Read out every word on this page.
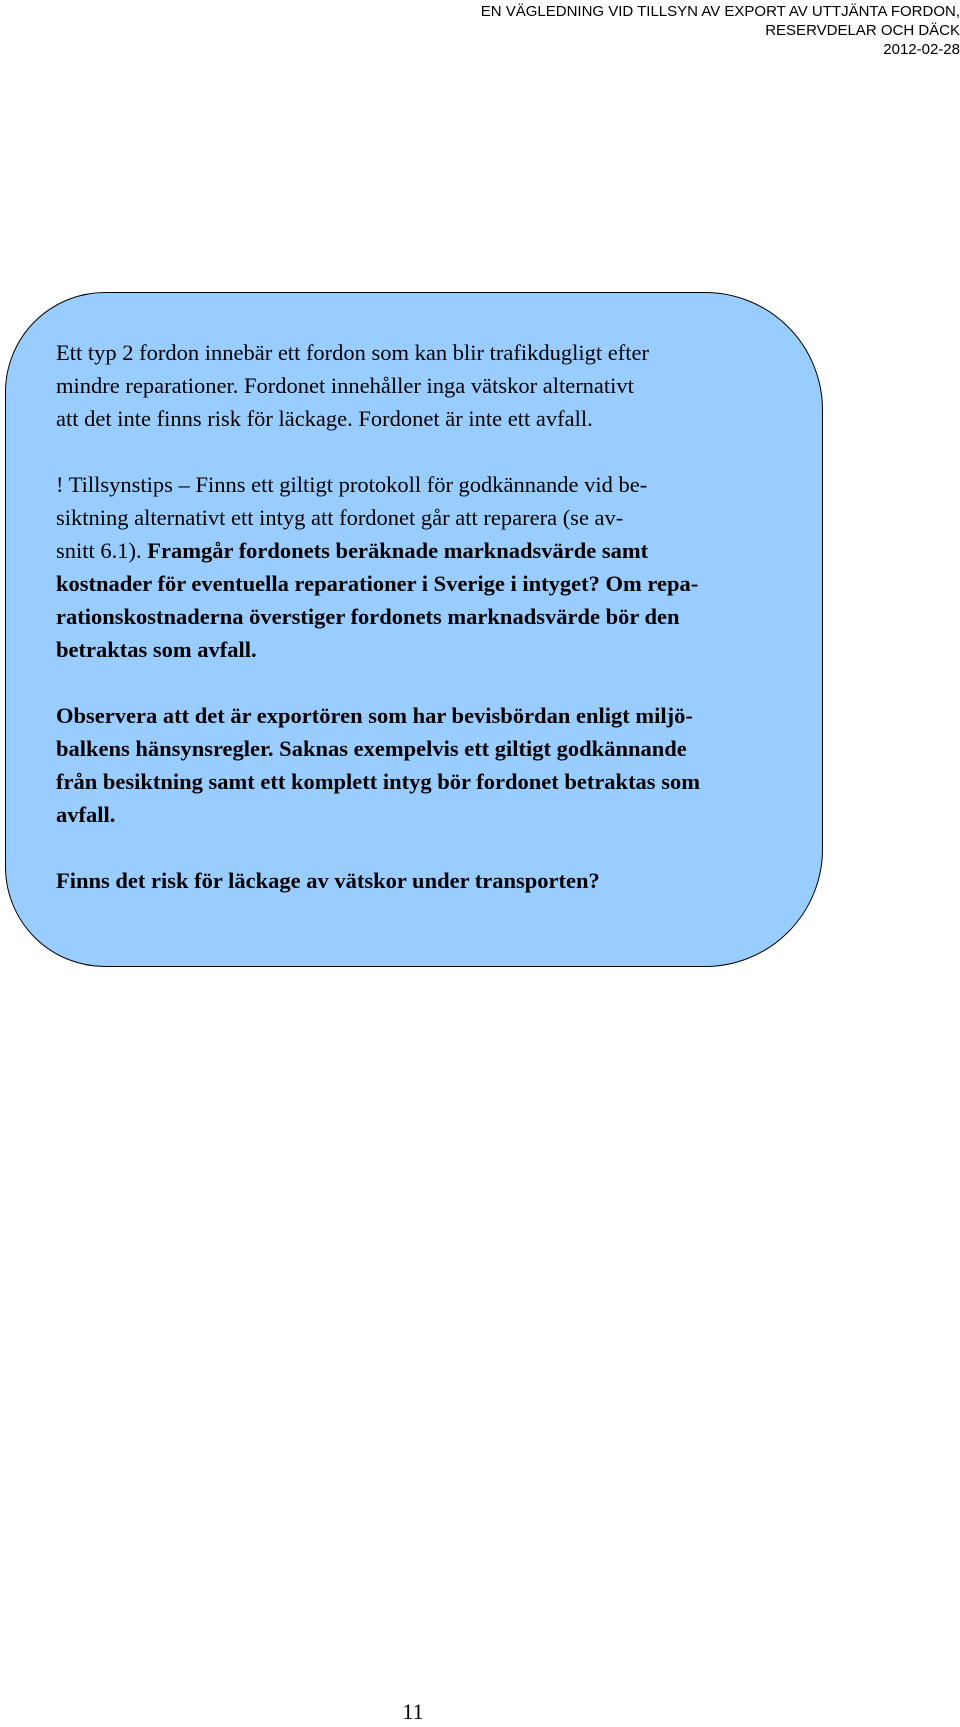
EN VÄGLEDNING VID TILLSYN AV EXPORT AV UTTJÄNTA FORDON,
RESERVDELAR OCH DÄCK
2012-02-28

Ett typ 2 fordon innebär ett fordon som kan blir trafikdugligt efter
mindre reparationer. Fordonet innehåller inga vätskor alternativt
att det inte finns risk för läckage. Fordonet är inte ett avfall.

! Tillsynstips – Finns ett giltigt protokoll för godkännande vid be-
siktning alternativt ett intyg att fordonet går att reparera (se av-
snitt 6.1). Framgår fordonets beräknade marknadsvärde samt
kostnader för eventuella reparationer i Sverige i intyget? Om repa-
rationskostnaderna överstiger fordonets marknadsvärde bör den
betraktas som avfall.

Observera att det är exportören som har bevisbördan enligt miljö-
balkens hänsynsregler. Saknas exempelvis ett giltigt godkännande
från besiktning samt ett komplett intyg bör fordonet betraktas som
avfall.

Finns det risk för läckage av vätskor under transporten?

11
